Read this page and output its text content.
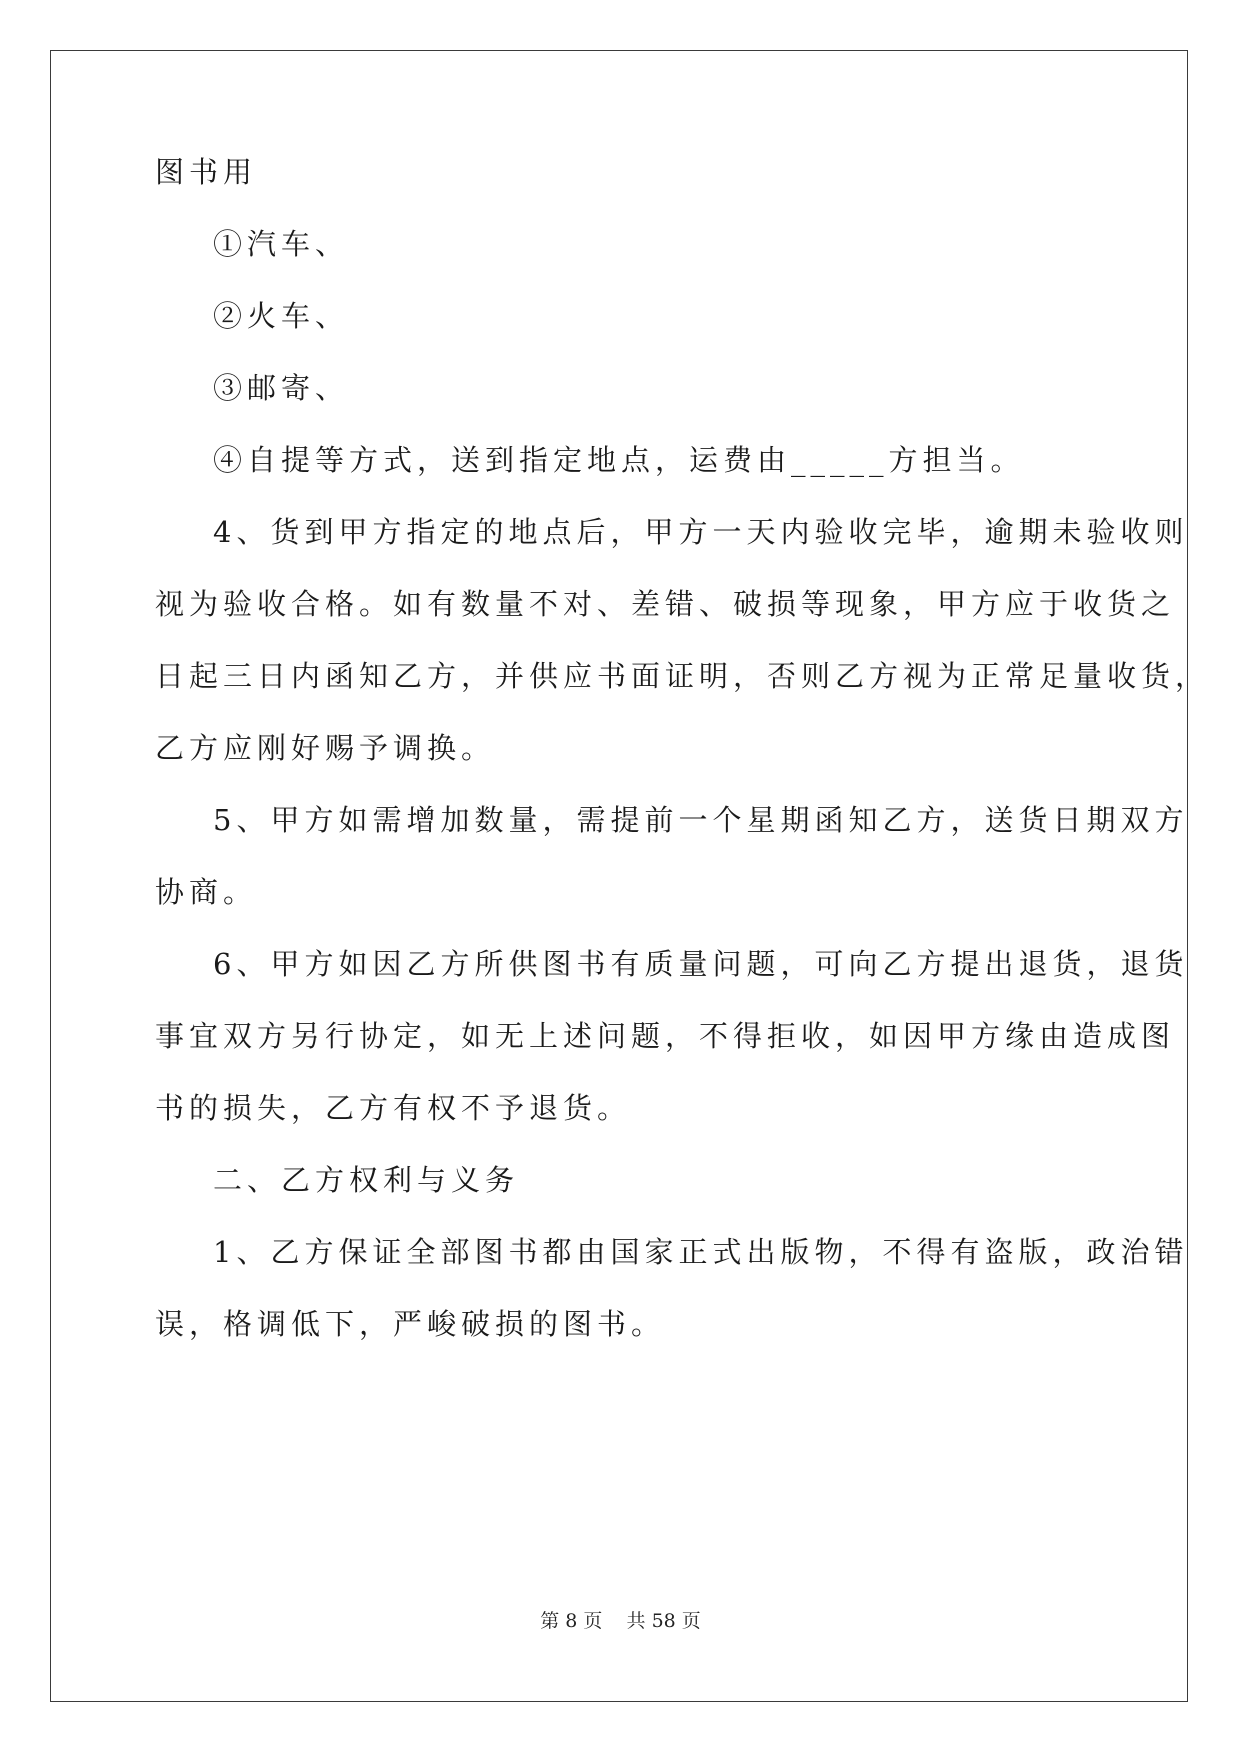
图书用
①汽车、
②火车、
③邮寄、
④自提等方式，送到指定地点，运费由_____方担当。
4、货到甲方指定的地点后，甲方一天内验收完毕，逾期未验收则
视为验收合格。如有数量不对、差错、破损等现象，甲方应于收货之
日起三日内函知乙方，并供应书面证明，否则乙方视为正常足量收货，
乙方应刚好赐予调换。
5、甲方如需增加数量，需提前一个星期函知乙方，送货日期双方
协商。
6、甲方如因乙方所供图书有质量问题，可向乙方提出退货，退货
事宜双方另行协定，如无上述问题，不得拒收，如因甲方缘由造成图
书的损失，乙方有权不予退货。
二、乙方权利与义务
1、乙方保证全部图书都由国家正式出版物，不得有盗版，政治错
误，格调低下，严峻破损的图书。
第 8 页    共 58 页
